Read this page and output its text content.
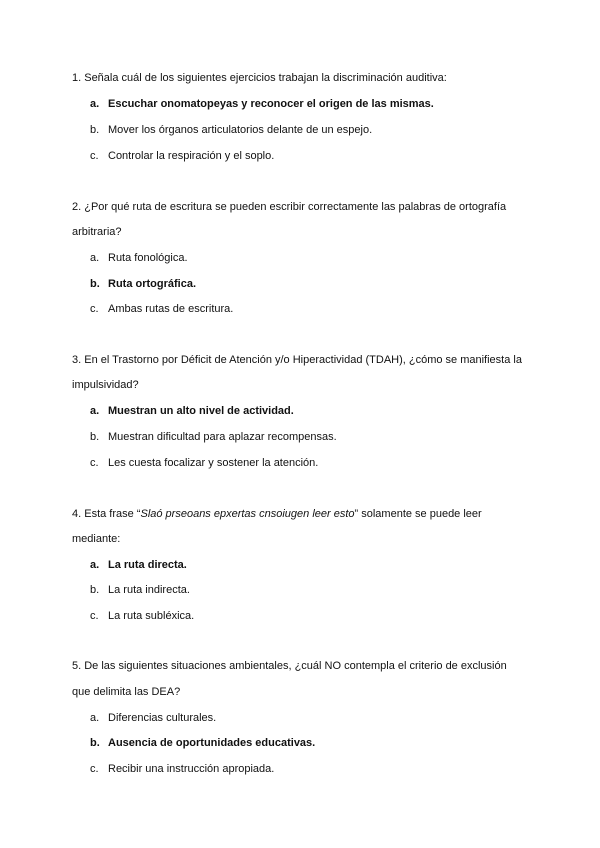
1. Señala cuál de los siguientes ejercicios trabajan la discriminación auditiva:
a. Escuchar onomatopeyas y reconocer el origen de las mismas.
b. Mover los órganos articulatorios delante de un espejo.
c. Controlar la respiración y el soplo.
2. ¿Por qué ruta de escritura se pueden escribir correctamente las palabras de ortografía
arbitraria?
a. Ruta fonológica.
b. Ruta ortográfica.
c. Ambas rutas de escritura.
3. En el Trastorno por Déficit de Atención y/o Hiperactividad (TDAH), ¿cómo se manifiesta la
impulsividad?
a. Muestran un alto nivel de actividad.
b. Muestran dificultad para aplazar recompensas.
c. Les cuesta focalizar y sostener la atención.
4. Esta frase “Slaó prseoans epxertas cnsoiugen leer esto” solamente se puede leer
mediante:
a. La ruta directa.
b. La ruta indirecta.
c. La ruta subléxica.
5. De las siguientes situaciones ambientales, ¿cuál NO contempla el criterio de exclusión
que delimita las DEA?
a. Diferencias culturales.
b. Ausencia de oportunidades educativas.
c. Recibir una instrucción apropiada.
